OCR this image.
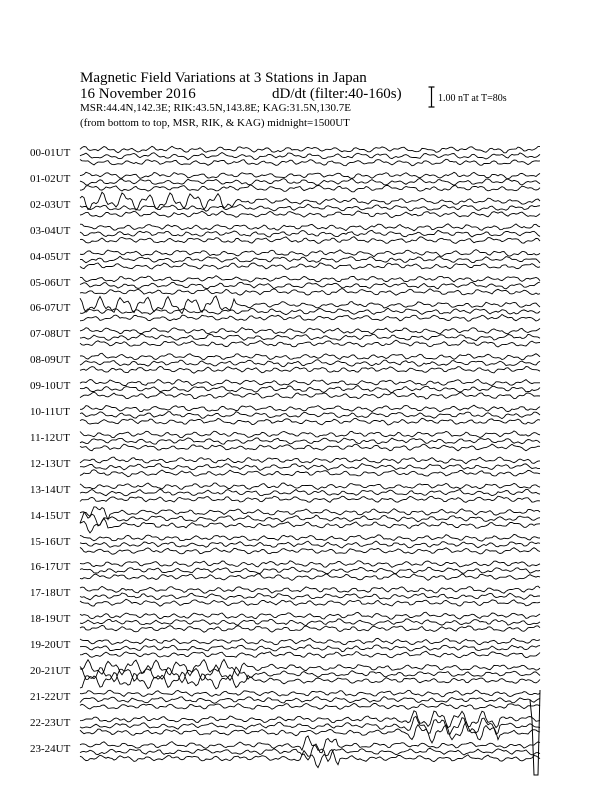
Magnetic Field Variations at 3 Stations in Japan
16 November 2016	dD/dt (filter:40-160s)
MSR:44.4N,142.3E; RIK:43.5N,143.8E; KAG:31.5N,130.7E
(from bottom to top, MSR, RIK, & KAG) midnight=1500UT
1.00 nT at T=80s
00-01UT
01-02UT
02-03UT
03-04UT
04-05UT
05-06UT
06-07UT
07-08UT
08-09UT
09-10UT
10-11UT
11-12UT
12-13UT
13-14UT
14-15UT
15-16UT
16-17UT
17-18UT
18-19UT
19-20UT
20-21UT
21-22UT
22-23UT
23-24UT
